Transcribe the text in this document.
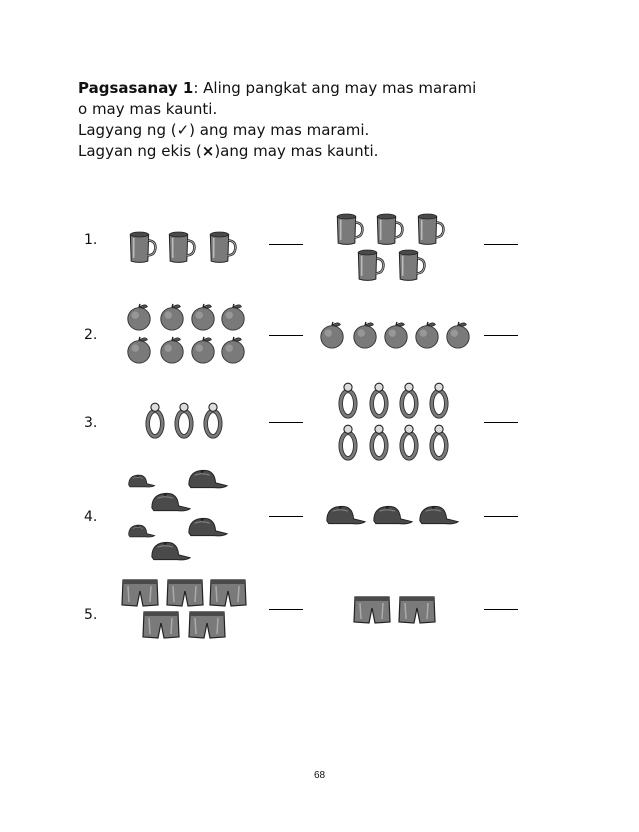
Pagsasanay 1: Aling pangkat ang may mas marami
o may mas kaunti.
Lagyang ng (✓) ang may mas marami.
Lagyan ng ekis (×)ang may mas kaunti.
1.
2.
3.
4.
5.
68
